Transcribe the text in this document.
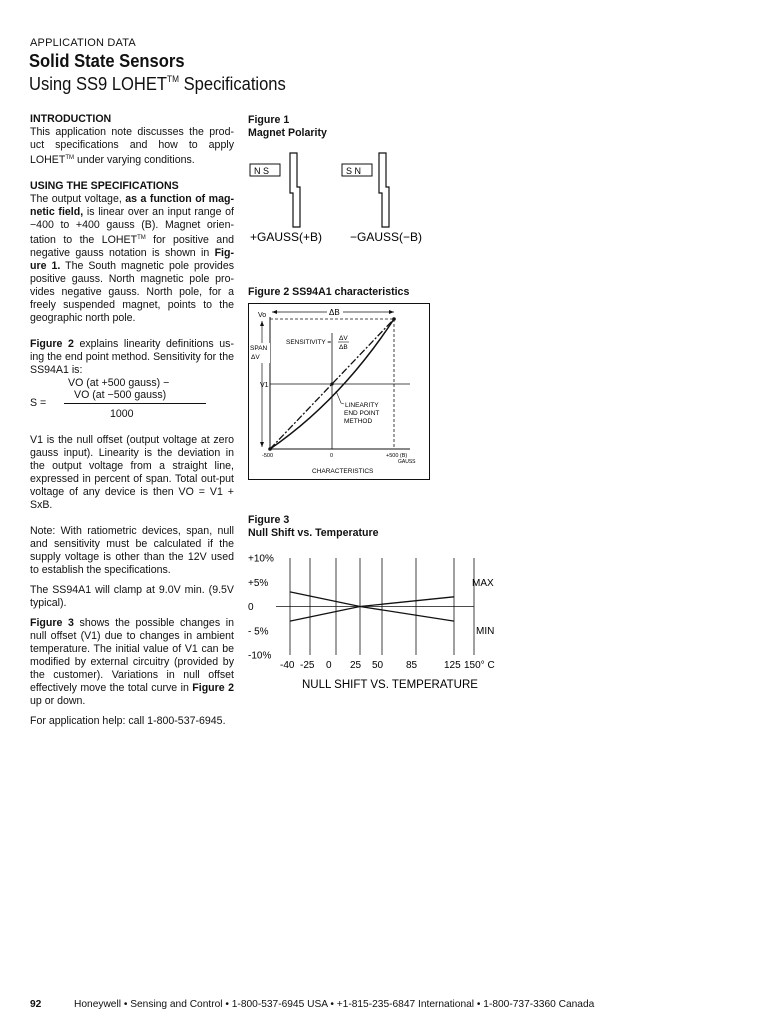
APPLICATION DATA
Solid State Sensors
Using SS9 LOHET™ Specifications
INTRODUCTION

This application note discusses the prod-uct specifications and how to apply LOHET™ under varying conditions.

USING THE SPECIFICATIONS

The output voltage, as a function of mag-netic field, is linear over an input range of −400 to +400 gauss (B). Magnet orien-tation to the LOHET™ for positive and negative gauss notation is shown in Fig-ure 1. The South magnetic pole provides positive gauss. North magnetic pole pro-vides negative gauss. North pole, for a freely suspended magnet, points to the geographic north pole.

Figure 2 explains linearity definitions us-ing the end point method. Sensitivity for the SS94A1 is:

S =
VO (at +500 gauss) −
VO (at −500 gauss)
1000

V1 is the null offset (output voltage at zero gauss input). Linearity is the deviation in the output voltage from a straight line, expressed in percent of span. Total out-put voltage of any device is then VO = V1 + SxB.

Note: With ratiometric devices, span, null and sensitivity must be calculated if the supply voltage is other than the 12V used to establish the specifications.

The SS94A1 will clamp at 9.0V min. (9.5V typical).

Figure 3 shows the possible changes in null offset (V1) due to changes in ambient temperature. The initial value of V1 can be modified by external circuitry (provided by the customer). Variations in null offset effectively move the total curve in Figure 2 up or down.

For application help: call 1-800-537-6945.

Figure 1
Magnet Polarity
N S	S N
+GAUSS(+B) −GAUSS(−B)
Figure 2 SS94A1 characteristics
Vo	ΔB
SPAN
ΔV
V1
SENSITIVITY =
ΔV
ΔB
LINEARITY
END POINT
METHOD
-500	0	+500 (B)
GAUSS
CHARACTERISTICS
Figure 3
Null Shift vs. Temperature
+10%
+5%
0
- 5%
-10%
-40 -25 0 25 50 85	125 150° C
MAX
MIN
NULL SHIFT VS. TEMPERATURE
92	Honeywell • Sensing and Control • 1-800-537-6945 USA • +1-815-235-6847 International • 1-800-737-3360 Canada
